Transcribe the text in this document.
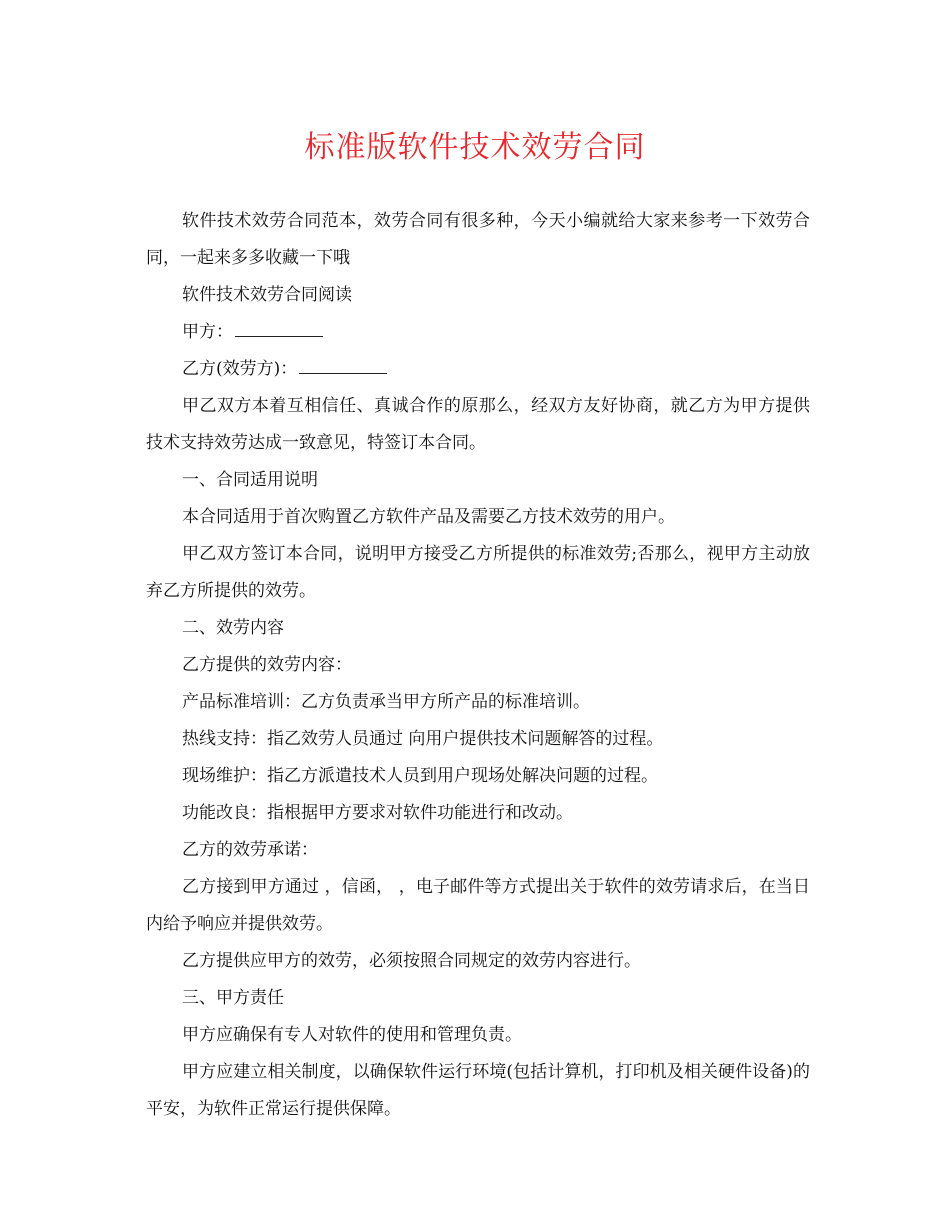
标准版软件技术效劳合同

软件技术效劳合同范本，效劳合同有很多种，今天小编就给大家来参考一下效劳合同，一起来多多收藏一下哦

软件技术效劳合同阅读

甲方：

乙方(效劳方)：

甲乙双方本着互相信任、真诚合作的原那么，经双方友好协商，就乙方为甲方提供技术支持效劳达成一致意见，特签订本合同。

一、合同适用说明

本合同适用于首次购置乙方软件产品及需要乙方技术效劳的用户。

甲乙双方签订本合同，说明甲方接受乙方所提供的标准效劳;否那么，视甲方主动放弃乙方所提供的效劳。

二、效劳内容

乙方提供的效劳内容：

产品标准培训：乙方负责承当甲方所产品的标准培训。

热线支持：指乙效劳人员通过 向用户提供技术问题解答的过程。

现场维护：指乙方派遣技术人员到用户现场处解决问题的过程。

功能改良：指根据甲方要求对软件功能进行和改动。

乙方的效劳承诺：

乙方接到甲方通过 ，信函， ，电子邮件等方式提出关于软件的效劳请求后，在当日内给予响应并提供效劳。

乙方提供应甲方的效劳，必须按照合同规定的效劳内容进行。

三、甲方责任

甲方应确保有专人对软件的使用和管理负责。

甲方应建立相关制度，以确保软件运行环境(包括计算机，打印机及相关硬件设备)的平安，为软件正常运行提供保障。
